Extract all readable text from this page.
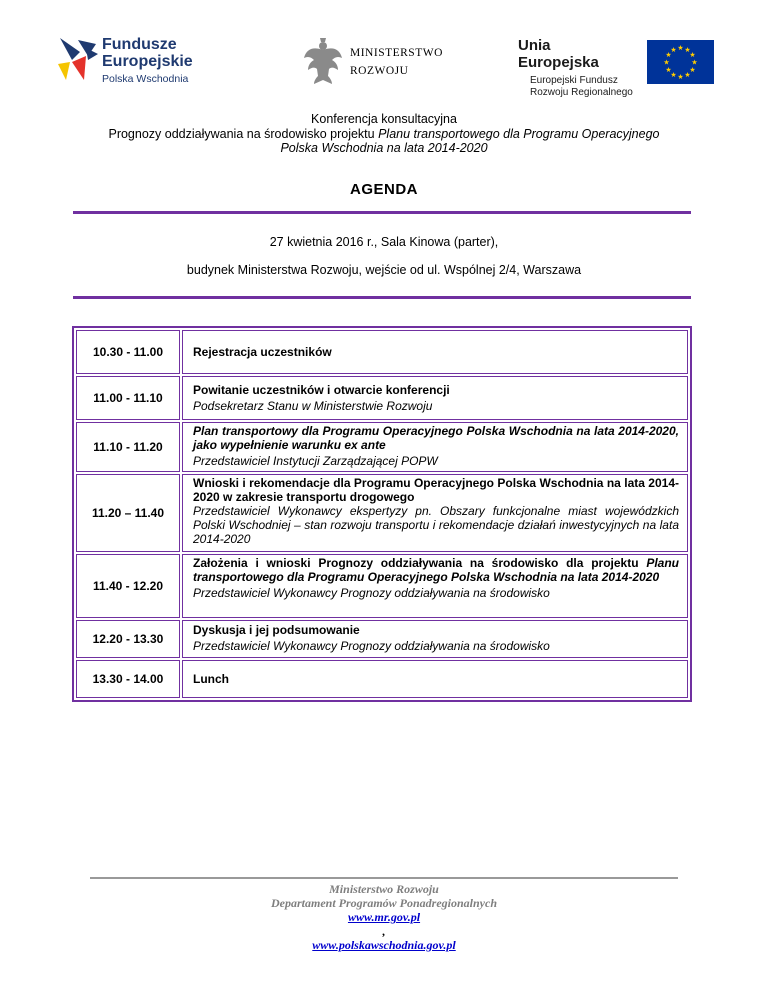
Fundusze
Europejskie
Polska Wschodnia
MINISTERSTWO
ROZWOJU
Unia Europejska
Europejski Fundusz
Rozwoju Regionalnego
★ ★
★
★
★
★
★
★
★
★
★
★
Konferencja konsultacyjna
Prognozy oddziaływania na środowisko projektu Planu transportowego dla Programu Operacyjnego
Polska Wschodnia na lata 2014-2020
AGENDA
27 kwietnia 2016 r., Sala Kinowa (parter),
budynek Ministerstwa Rozwoju, wejście od ul. Wspólnej 2/4, Warszawa
10.30 - 11.00	Rejestracja uczestników
11.00 - 11.10
Powitanie uczestników i otwarcie konferencji
Podsekretarz Stanu w Ministerstwie Rozwoju
11.10 - 11.20
Plan transportowy dla Programu Operacyjnego Polska Wschodnia na lata 2014-2020, jako wypełnienie warunku ex ante
Przedstawiciel Instytucji Zarządzającej POPW
11.20 – 11.40
Wnioski i rekomendacje dla Programu Operacyjnego Polska Wschodnia na lata 2014-2020 w zakresie transportu drogowego
Przedstawiciel Wykonawcy ekspertyzy pn. Obszary funkcjonalne miast wojewódzkich Polski Wschodniej – stan rozwoju transportu i rekomendacje działań inwestycyjnych na lata 2014-2020
11.40 - 12.20
Założenia i wnioski Prognozy oddziaływania na środowisko dla projektu Planu transportowego dla Programu Operacyjnego Polska Wschodnia na lata 2014-2020
Przedstawiciel Wykonawcy Prognozy oddziaływania na środowisko
12.20 - 13.30
Dyskusja i jej podsumowanie
Przedstawiciel Wykonawcy Prognozy oddziaływania na środowisko
13.30 - 14.00	Lunch
Ministerstwo Rozwoju
Departament Programów Ponadregionalnych
www.mr.gov.pl
,
www.polskawschodnia.gov.pl
